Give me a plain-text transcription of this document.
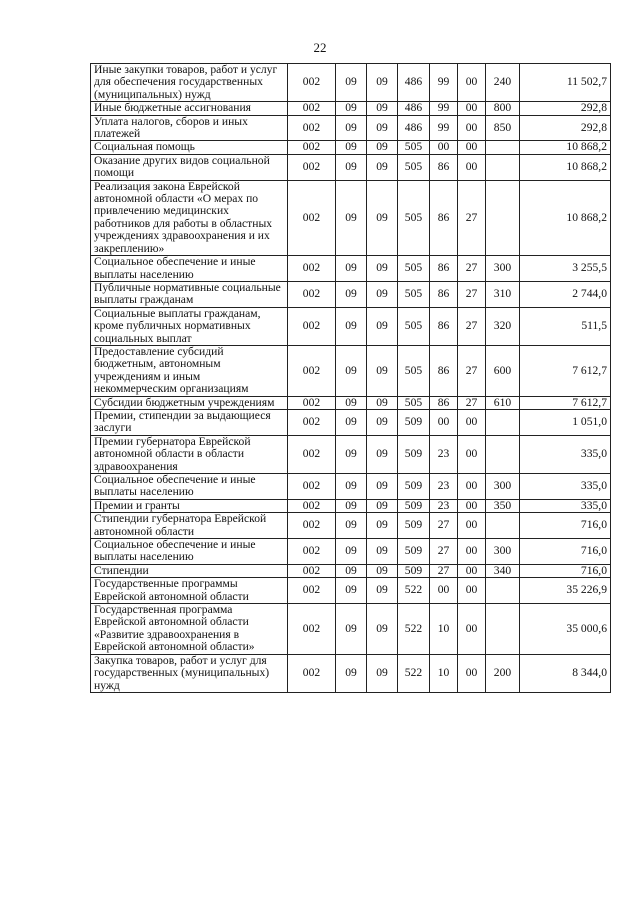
22
Иные закупки товаров, работ и услуг для обеспечения государственных (муниципальных) нужд	002	09	09	486	99	00	240	11 502,7
Иные бюджетные ассигнования	002	09	09	486	99	00	800	292,8
Уплата налогов, сборов и иных платежей	002	09	09	486	99	00	850	292,8
Социальная помощь	002	09	09	505	00	00		10 868,2
Оказание других видов социальной помощи	002	09	09	505	86	00		10 868,2
Реализация закона Еврейской автономной области «О мерах по привлечению медицинских работников для работы в областных учреждениях здравоохранения и их закреплению»	002	09	09	505	86	27		10 868,2
Социальное обеспечение и иные выплаты населению	002	09	09	505	86	27	300	3 255,5
Публичные нормативные социальные выплаты гражданам	002	09	09	505	86	27	310	2 744,0
Социальные выплаты гражданам, кроме публичных нормативных социальных выплат	002	09	09	505	86	27	320	511,5
Предоставление субсидий бюджетным, автономным учреждениям и иным некоммерческим организациям	002	09	09	505	86	27	600	7 612,7
Субсидии бюджетным учреждениям	002	09	09	505	86	27	610	7 612,7
Премии, стипендии за выдающиеся заслуги	002	09	09	509	00	00		1 051,0
Премии губернатора Еврейской автономной области в области здравоохранения	002	09	09	509	23	00		335,0
Социальное обеспечение и иные выплаты населению	002	09	09	509	23	00	300	335,0
Премии и гранты	002	09	09	509	23	00	350	335,0
Стипендии губернатора Еврейской автономной области	002	09	09	509	27	00		716,0
Социальное обеспечение и иные выплаты населению	002	09	09	509	27	00	300	716,0
Стипендии	002	09	09	509	27	00	340	716,0
Государственные программы Еврейской автономной области	002	09	09	522	00	00		35 226,9
Государственная программа Еврейской автономной области «Развитие здравоохранения в Еврейской автономной области»	002	09	09	522	10	00		35 000,6
Закупка товаров, работ и услуг для государственных (муниципальных) нужд	002	09	09	522	10	00	200	8 344,0
